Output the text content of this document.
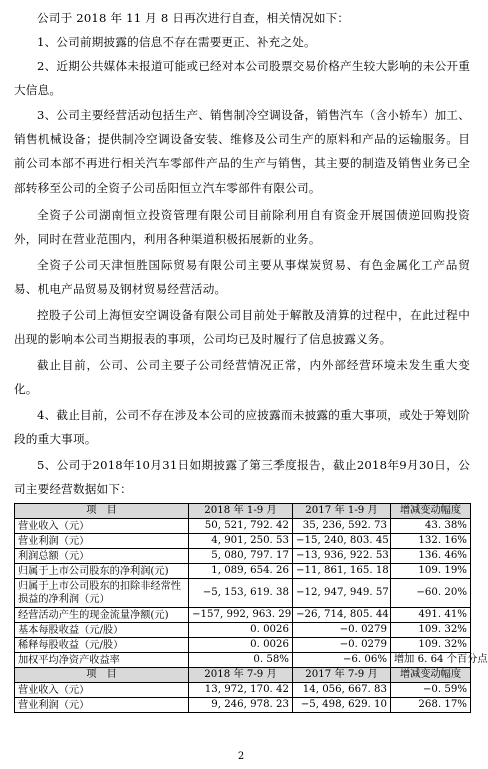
公司于 2018 年 11 月 8 日再次进行自查，相关情况如下：
1、公司前期披露的信息不存在需要更正、补充之处。
2、近期公共媒体未报道可能或已经对本公司股票交易价格产生较大影响的未公开重大信息。
3、公司主要经营活动包括生产、销售制冷空调设备，销售汽车（含小轿车）加工、销售机械设备；提供制冷空调设备安装、维修及公司生产的原料和产品的运输服务。目前公司本部不再进行相关汽车零部件产品的生产与销售，其主要的制造及销售业务已全部转移至公司的全资子公司岳阳恒立汽车零部件有限公司。
全资子公司湖南恒立投资管理有限公司目前除利用自有资金开展国债逆回购投资外，同时在营业范围内，利用各种渠道积极拓展新的业务。
全资子公司天津恒胜国际贸易有限公司主要从事煤炭贸易、有色金属化工产品贸易、机电产品贸易及钢材贸易经营活动。
控股子公司上海恒安空调设备有限公司目前处于解散及清算的过程中，在此过程中出现的影响本公司当期报表的事项，公司均已及时履行了信息披露义务。
截止目前，公司、公司主要子公司经营情况正常，内外部经营环境未发生重大变化。
4、截止目前，公司不存在涉及本公司的应披露而未披露的重大事项，或处于筹划阶段的重大事项。
5、公司于2018年10月31日如期披露了第三季度报告，截止2018年9月30日，公司主要经营数据如下：
项　目	2018 年 1-9 月	2017 年 1-9 月	增减变动幅度
营业收入（元）	50, 521, 792. 42	35, 236, 592. 73	43. 38%
营业利润（元）	4, 901, 250. 53	−15, 240, 803. 45	132. 16%
利润总额（元）	5, 080, 797. 17	−13, 936, 922. 53	136. 46%
归属于上市公司股东的净利润(元)	1, 089, 654. 26	−11, 861, 165. 18	109. 19%
归属于上市公司股东的扣除非经常性损益的净利润（元）	−5, 153, 619. 38	−12, 947, 949. 57	−60. 20%
经营活动产生的现金流量净额(元)	−157, 992, 963. 29	−26, 714, 805. 44	491. 41%
基本每股收益（元/股）	0. 0026	−0. 0279	109. 32%
稀释每股收益（元/股）	0. 0026	−0. 0279	109. 32%
加权平均净资产收益率	0. 58%	−6. 06%	增加 6. 64 个百分点
项　目	2018 年 7-9 月	2017 年 7-9 月	增减变动幅度
营业收入（元）	13, 972, 170. 42	14, 056, 667. 83	−0. 59%
营业利润（元）	9, 246, 978. 23	−5, 498, 629. 10	268. 17%
2
